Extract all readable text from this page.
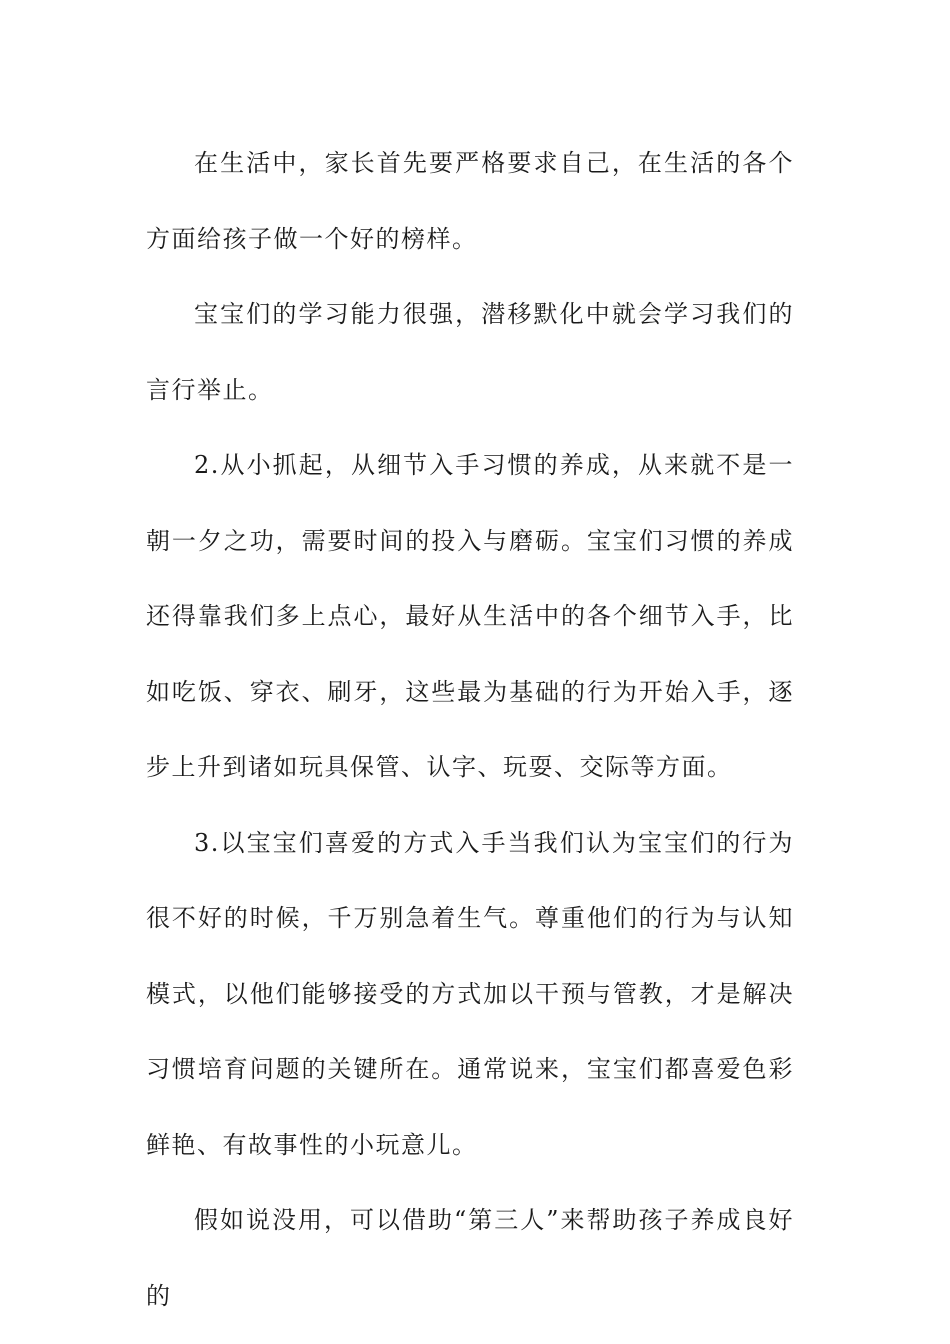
在生活中，家长首先要严格要求自己，在生活的各个方面给孩子做一个好的榜样。

宝宝们的学习能力很强，潜移默化中就会学习我们的言行举止。

2.从小抓起，从细节入手习惯的养成，从来就不是一朝一夕之功，需要时间的投入与磨砺。宝宝们习惯的养成还得靠我们多上点心，最好从生活中的各个细节入手，比如吃饭、穿衣、刷牙，这些最为基础的行为开始入手，逐步上升到诸如玩具保管、认字、玩耍、交际等方面。

3.以宝宝们喜爱的方式入手当我们认为宝宝们的行为很不好的时候，千万别急着生气。尊重他们的行为与认知模式，以他们能够接受的方式加以干预与管教，才是解决习惯培育问题的关键所在。通常说来，宝宝们都喜爱色彩鲜艳、有故事性的小玩意儿。

假如说没用，可以借助“第三人”来帮助孩子养成良好的
